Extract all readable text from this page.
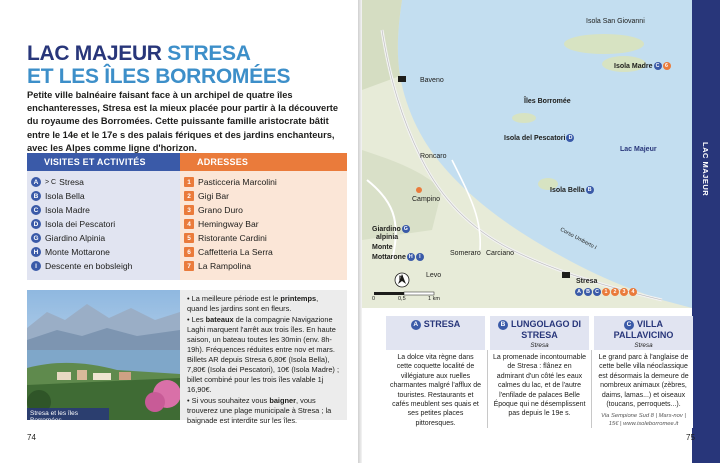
LAC MAJEUR STRESA
ET LES ÎLES BORROMÉES
Petite ville balnéaire faisant face à un archipel de quatre îles enchanteresses, Stresa est la mieux placée pour partir à la découverte du royaume des Borromées. Cette puissante famille aristocrate bâtit entre le 14e et le 17e s des palais fériques et des jardins enchanteurs, avec les Alpes comme ligne d'horizon.
VISITES ET ACTIVITÉS
A > C Stresa
B Isola Bella
C Isola Madre
D Isola dei Pescatori
G Giardino Alpinia
H Monte Mottarone
I Descente en bobsleigh
ADRESSES
1 Pasticceria Marcolini
2 Gigi Bar
3 Grano Duro
4 Hemingway Bar
5 Ristorante Cardini
6 Caffetteria La Serra
7 La Rampolina
Stresa et les îles Borromées

• La meilleure période est le printemps, quand les jardins sont en fleurs.

• Les bateaux de la compagnie Navigazione Laghi marquent l'arrêt aux trois îles. En haute saison, un bateau toutes les 30min (env. 8h-19h). Fréquences réduites entre nov et mars. Billets AR depuis Stresa 6,80€ (Isola Bella), 7,80€ (Isola dei Pescatori), 10€ (Isola Madre) ; billet combiné pour les trois îles valable 1j 16,90€.

• Si vous souhaitez vous baigner, vous trouverez une plage municipale à Stresa ; la baignade est interdite sur les îles.

74
Isola San Giovanni
Baveno
Isola Madre C 6
Îles Borromée
Isola del Pescatori D
Lac Majeur
Roncaro
Isola Bella B
Campino
Giardino G
alpinia
Monte
Mottarone H I	Someraro Carciano
Levo
Stresa
A B C 1 2 3 4
Corso Umberto I
N
0	0,5	1 km
LAC MAJEUR
A STRESA
La dolce vita règne dans cette coquette localité de villégiature aux ruelles charmantes malgré l'afflux de touristes. Restaurants et cafés meublent ses quais et ses petites places pittoresques.
B LUNGOLAGO DI STRESA
Stresa
La promenade incontournable de Stresa : flânez en admirant d'un côté les eaux calmes du lac, et de l'autre l'enfilade de palaces Belle Époque qui ne désemplissent pas depuis le 19e s.
C VILLA PALLAVICINO
Stresa
Le grand parc à l'anglaise de cette belle villa néoclassique est désormais la demeure de nombreux animaux (zèbres, daims, lamas...) et oiseaux (toucans, perroquets...).
Via Sempione Sud 8 | Mars-nov | 15€ | www.isoleborromee.it
75
